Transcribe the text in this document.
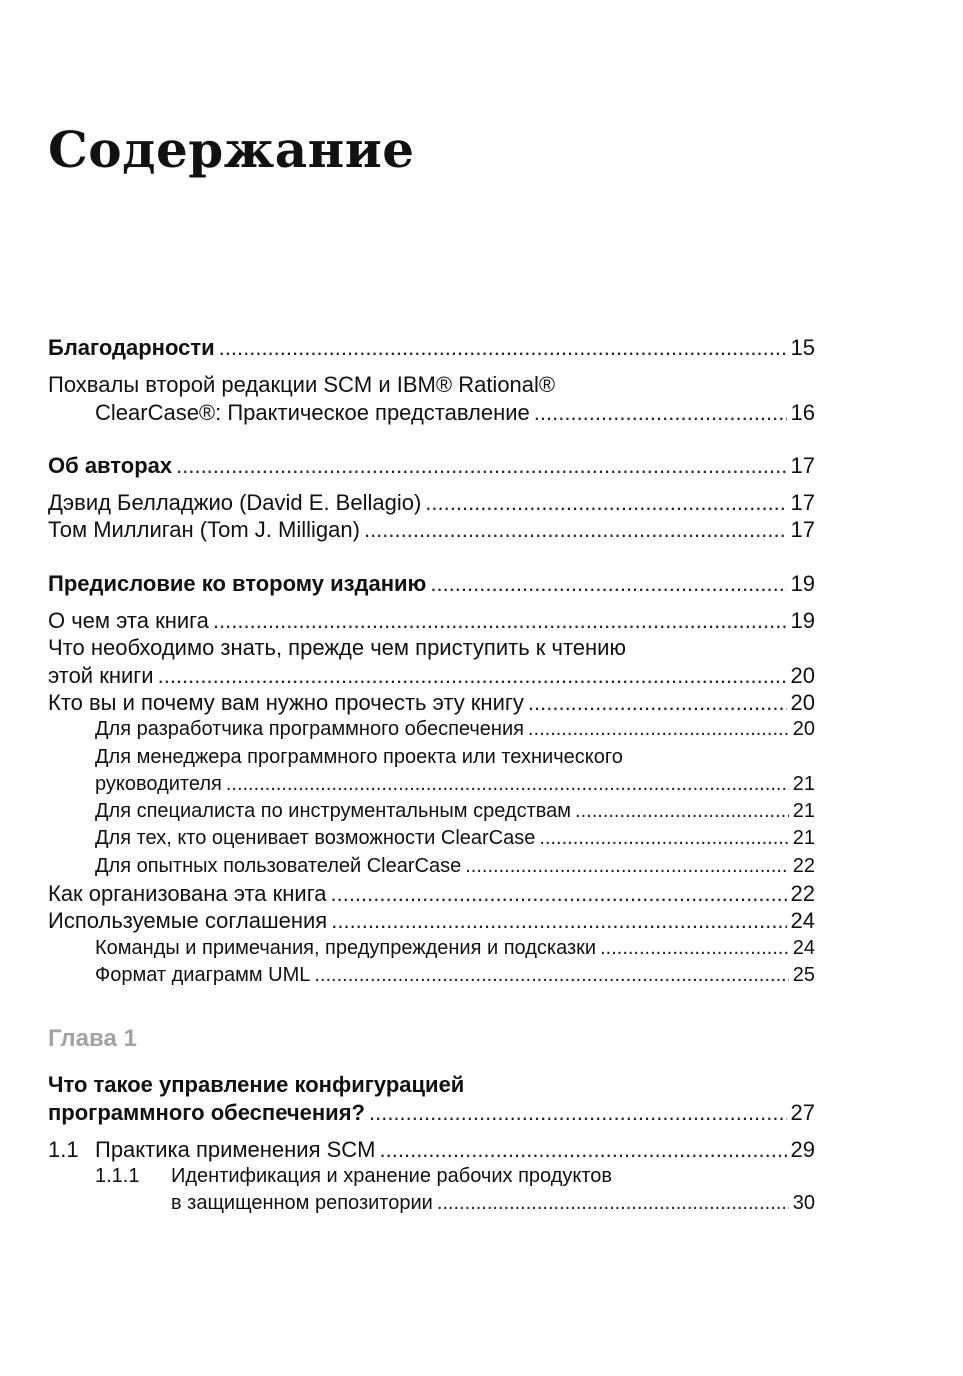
Содержание
Благодарности .....	15
Похвалы второй редакции SCM и IBM® Rational®
ClearCase®: Практическое представление .....	16
Об авторах .....	17
Дэвид Белладжио (David E. Bellagio) .....	17
Том Миллиган (Tom J. Milligan) .....	17
Предисловие ко второму изданию .....	19
О чем эта книга .....	19
Что необходимо знать, прежде чем приступить к чтению
этой книги .....	20
Кто вы и почему вам нужно прочесть эту книгу .....	20
Для разработчика программного обеспечения .....	20
Для менеджера программного проекта или технического
руководителя .....	21
Для специалиста по инструментальным средствам .....	21
Для тех, кто оценивает возможности ClearCase .....	21
Для опытных пользователей ClearCase .....	22
Как организована эта книга .....	22
Используемые соглашения .....	24
Команды и примечания, предупреждения и подсказки .....	24
Формат диаграмм UML .....	25
Глава 1
Что такое управление конфигурацией
программного обеспечения? .....	27
1.1 Практика применения SCM .....	29
1.1.1	Идентификация и хранение рабочих продуктов
в защищенном репозитории .....	30
